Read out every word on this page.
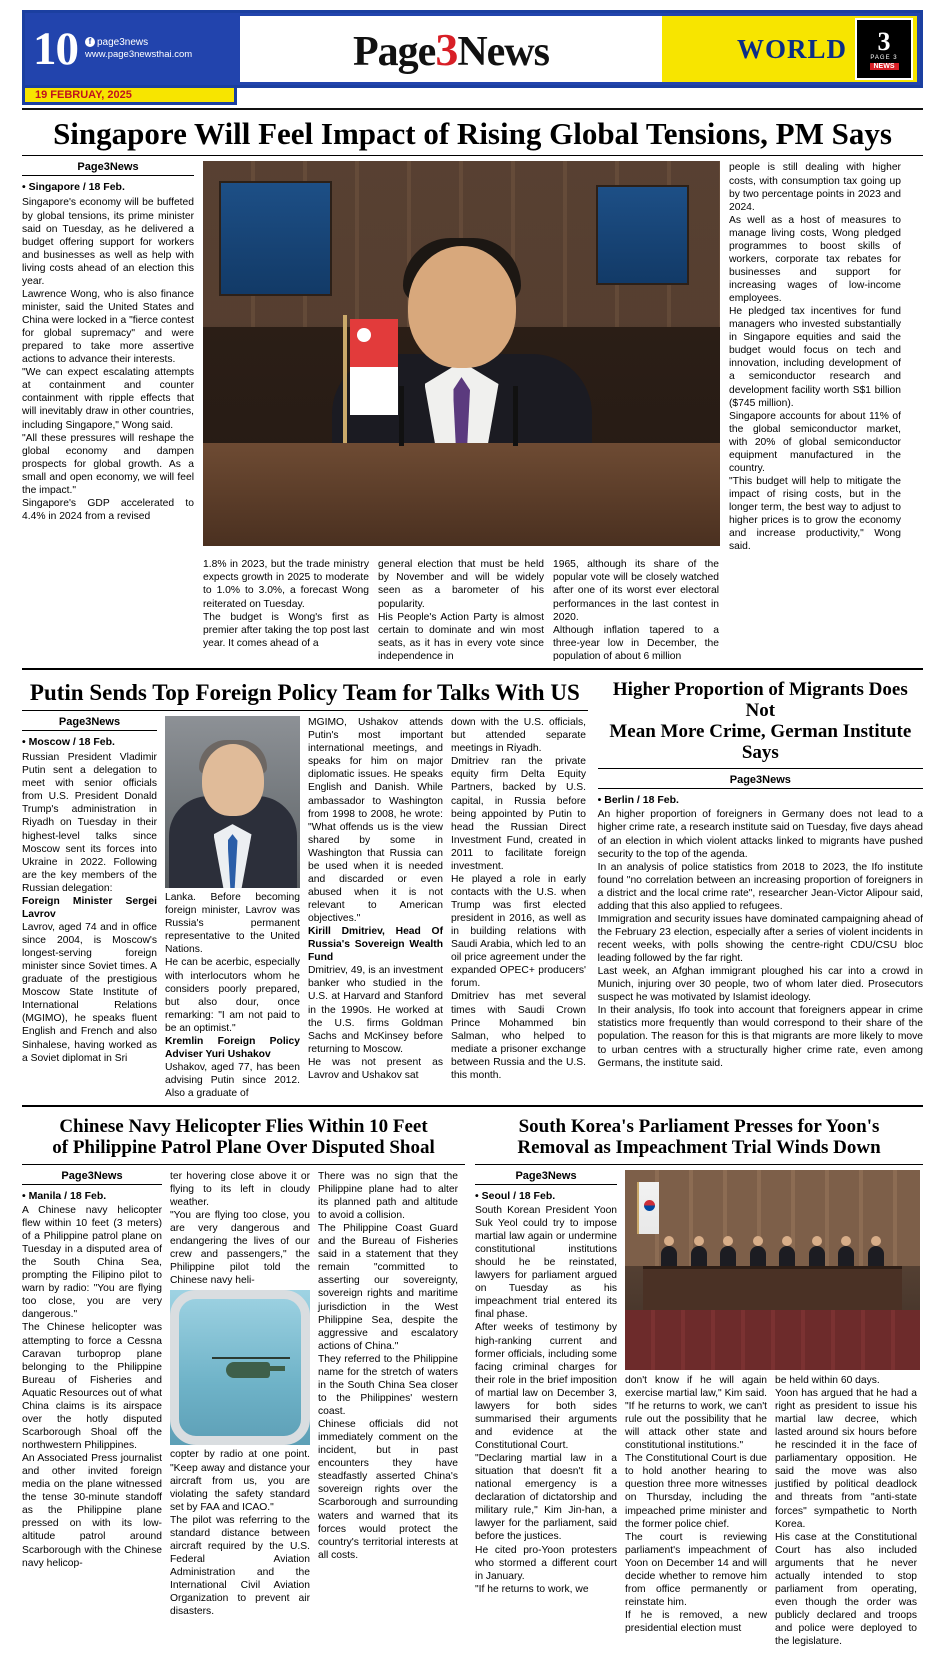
10	f page3news
www.page3newsthai.com	Page3News	WORLD 3
PAGE 3
NEWS
19 FEBRUAY, 2025
Singapore Will Feel Impact of Rising Global Tensions, PM Says
Page3News
• Singapore / 18 Feb.

Singapore's economy will be buffeted by global tensions, its prime minister said on Tuesday, as he delivered a budget offering support for workers and businesses as well as help with living costs ahead of an election this year.

Lawrence Wong, who is also finance minister, said the United States and China were locked in a "fierce contest for global supremacy" and were prepared to take more assertive actions to advance their interests.

"We can expect escalating attempts at containment and counter containment with ripple effects that will inevitably draw in other countries, including Singapore," Wong said.

"All these pressures will reshape the global economy and dampen prospects for global growth. As a small and open economy, we will feel the impact."

Singapore's GDP accelerated to 4.4% in 2024 from a revised

people is still dealing with higher costs, with consumption tax going up by two percentage points in 2023 and 2024.

As well as a host of measures to manage living costs, Wong pledged programmes to boost skills of workers, corporate tax rebates for businesses and support for increasing wages of low-income employees.

He pledged tax incentives for fund managers who invested substantially in Singapore equities and said the budget would focus on tech and innovation, including development of a semiconductor research and development facility worth S$1 billion ($745 million).

Singapore accounts for about 11% of the global semiconductor market, with 20% of global semiconductor equipment manufactured in the country.

"This budget will help to mitigate the impact of rising costs, but in the longer term, the best way to adjust to higher prices is to grow the economy and increase productivity," Wong said.

1.8% in 2023, but the trade ministry expects growth in 2025 to moderate to 1.0% to 3.0%, a forecast Wong reiterated on Tuesday.

The budget is Wong's first as premier after taking the top post last year. It comes ahead of a

general election that must be held by November and will be widely seen as a barometer of his popularity.

His People's Action Party is almost certain to dominate and win most seats, as it has in every vote since independence in

1965, although its share of the popular vote will be closely watched after one of its worst ever electoral performances in the last contest in 2020.

Although inflation tapered to a three-year low in December, the population of about 6 million

Putin Sends Top Foreign Policy Team for Talks With US
Page3News
• Moscow / 18 Feb.

Russian President Vladimir Putin sent a delegation to meet with senior officials from U.S. President Donald Trump's administration in Riyadh on Tuesday in their highest-level talks since Moscow sent its forces into Ukraine in 2022. Following are the key members of the Russian delegation:

Foreign Minister Sergei Lavrov

Lavrov, aged 74 and in office since 2004, is Moscow's longest-serving foreign minister since Soviet times. A graduate of the prestigious Moscow State Institute of International Relations (MGIMO), he speaks fluent English and French and also Sinhalese, having worked as a Soviet diplomat in Sri

Lanka. Before becoming foreign minister, Lavrov was Russia's permanent representative to the United Nations.

He can be acerbic, especially with interlocutors whom he considers poorly prepared, but also dour, once remarking: "I am not paid to be an optimist."

Kremlin Foreign Policy Adviser Yuri Ushakov

Ushakov, aged 77, has been advising Putin since 2012. Also a graduate of

MGIMO, Ushakov attends Putin's most important international meetings, and speaks for him on major diplomatic issues. He speaks English and Danish. While ambassador to Washington from 1998 to 2008, he wrote: "What offends us is the view shared by some in Washington that Russia can be used when it is needed and discarded or even abused when it is not relevant to American objectives."

Kirill Dmitriev, Head Of Russia's Sovereign Wealth Fund

Dmitriev, 49, is an investment banker who studied in the U.S. at Harvard and Stanford in the 1990s. He worked at the U.S. firms Goldman Sachs and McKinsey before returning to Moscow.

He was not present as Lavrov and Ushakov sat

down with the U.S. officials, but attended separate meetings in Riyadh.

Dmitriev ran the private equity firm Delta Equity Partners, backed by U.S. capital, in Russia before being appointed by Putin to head the Russian Direct Investment Fund, created in 2011 to facilitate foreign investment.

He played a role in early contacts with the U.S. when Trump was first elected president in 2016, as well as in building relations with Saudi Arabia, which led to an oil price agreement under the expanded OPEC+ producers' forum.

Dmitriev has met several times with Saudi Crown Prince Mohammed bin Salman, who helped to mediate a prisoner exchange between Russia and the U.S. this month.

Higher Proportion of Migrants Does Not
Mean More Crime, German Institute Says
Page3News
• Berlin / 18 Feb.

An higher proportion of foreigners in Germany does not lead to a higher crime rate, a research institute said on Tuesday, five days ahead of an election in which violent attacks linked to migrants have pushed security to the top of the agenda.

In an analysis of police statistics from 2018 to 2023, the Ifo institute found "no correlation between an increasing proportion of foreigners in a district and the local crime rate", researcher Jean-Victor Alipour said, adding that this also applied to refugees.

Immigration and security issues have dominated campaigning ahead of the February 23 election, especially after a series of violent incidents in recent weeks, with polls showing the centre-right CDU/CSU bloc leading followed by the far right.

Last week, an Afghan immigrant ploughed his car into a crowd in Munich, injuring over 30 people, two of whom later died. Prosecutors suspect he was motivated by Islamist ideology.

In their analysis, Ifo took into account that foreigners appear in crime statistics more frequently than would correspond to their share of the population. The reason for this is that migrants are more likely to move to urban centres with a structurally higher crime rate, even among Germans, the institute said.

Chinese Navy Helicopter Flies Within 10 Feet
of Philippine Patrol Plane Over Disputed Shoal
Page3News
• Manila / 18 Feb.

A Chinese navy helicopter flew within 10 feet (3 meters) of a Philippine patrol plane on Tuesday in a disputed area of the South China Sea, prompting the Filipino pilot to warn by radio: "You are flying too close, you are very dangerous."

The Chinese helicopter was attempting to force a Cessna Caravan turboprop plane belonging to the Philippine Bureau of Fisheries and Aquatic Resources out of what China claims is its airspace over the hotly disputed Scarborough Shoal off the northwestern Philippines.

An Associated Press journalist and other invited foreign media on the plane witnessed the tense 30-minute standoff as the Philippine plane pressed on with its low-altitude patrol around Scarborough with the Chinese navy helicop-

ter hovering close above it or flying to its left in cloudy weather.

"You are flying too close, you are very dangerous and endangering the lives of our crew and passengers," the Philippine pilot told the Chinese navy heli-

copter by radio at one point. "Keep away and distance your aircraft from us, you are violating the safety standard set by FAA and ICAO."

The pilot was referring to the standard distance between aircraft required by the U.S. Federal Aviation Administration and the International Civil Aviation Organization to prevent air disasters.

There was no sign that the Philippine plane had to alter its planned path and altitude to avoid a collision.

The Philippine Coast Guard and the Bureau of Fisheries said in a statement that they remain "committed to asserting our sovereignty, sovereign rights and maritime jurisdiction in the West Philippine Sea, despite the aggressive and escalatory actions of China."

They referred to the Philippine name for the stretch of waters in the South China Sea closer to the Philippines' western coast.

Chinese officials did not immediately comment on the incident, but in past encounters they have steadfastly asserted China's sovereign rights over the Scarborough and surrounding waters and warned that its forces would protect the country's territorial interests at all costs.

South Korea's Parliament Presses for Yoon's
Removal as Impeachment Trial Winds Down
Page3News
• Seoul / 18 Feb.

South Korean President Yoon Suk Yeol could try to impose martial law again or undermine constitutional institutions should he be reinstated, lawyers for parliament argued on Tuesday as his impeachment trial entered its final phase.

After weeks of testimony by high-ranking current and former officials, including some facing criminal charges for their role in the brief imposition of martial law on December 3, lawyers for both sides summarised their arguments and evidence at the Constitutional Court.

"Declaring martial law in a situation that doesn't fit a national emergency is a declaration of dictatorship and military rule," Kim Jin-han, a lawyer for the parliament, said before the justices.

He cited pro-Yoon protesters who stormed a different court in January.

"If he returns to work, we

don't know if he will again exercise martial law," Kim said. "If he returns to work, we can't rule out the possibility that he will attack other state and constitutional institutions."

The Constitutional Court is due to hold another hearing to question three more witnesses on Thursday, including the impeached prime minister and the former police chief.

The court is reviewing parliament's impeachment of Yoon on December 14 and will decide whether to remove him from office permanently or reinstate him.

If he is removed, a new presidential election must

be held within 60 days.

Yoon has argued that he had a right as president to issue his martial law decree, which lasted around six hours before he rescinded it in the face of parliamentary opposition. He said the move was also justified by political deadlock and threats from "anti-state forces" sympathetic to North Korea.

His case at the Constitutional Court has also included arguments that he never actually intended to stop parliament from operating, even though the order was publicly declared and troops and police were deployed to the legislature.
